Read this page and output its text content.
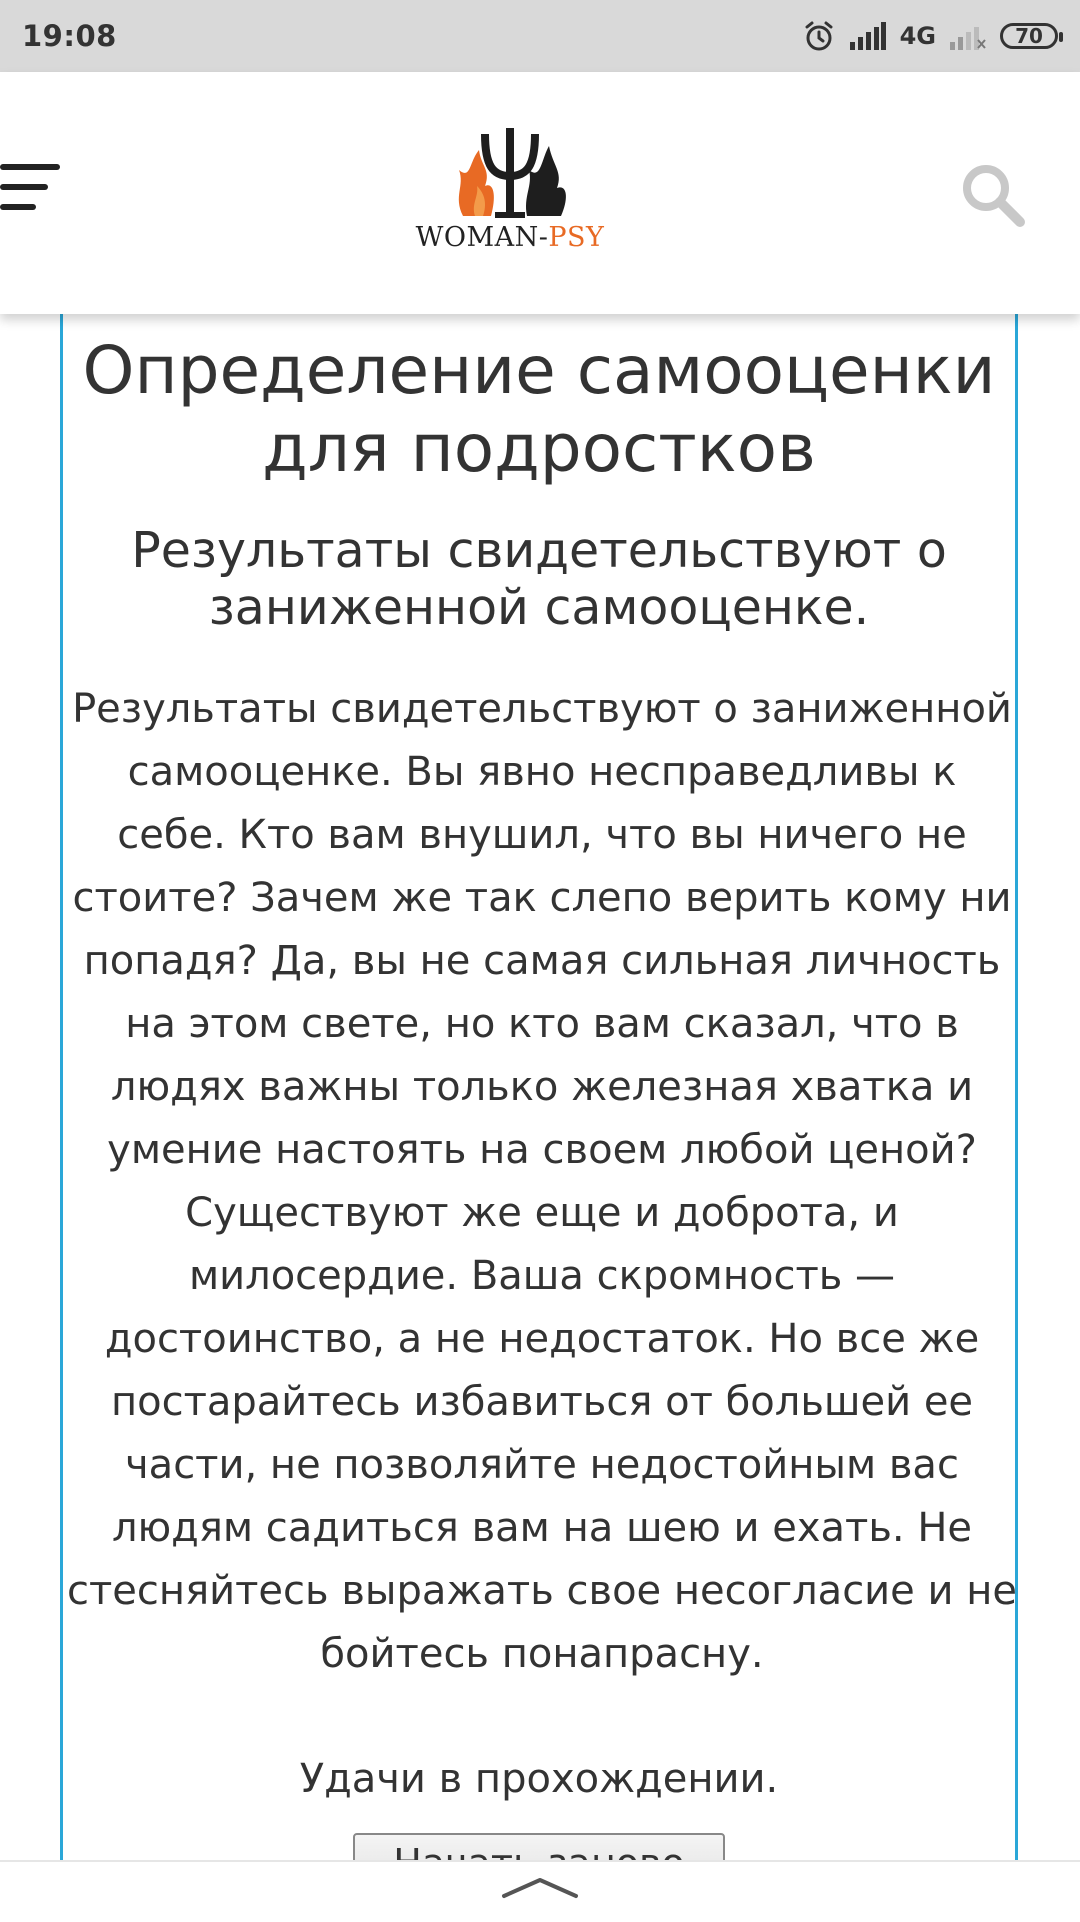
19:08	4G	70
WOMAN-PSY
Определение самооценки для подростков
Результаты свидетельствуют о заниженной самооценке.

Результаты свидетельствуют о заниженной самооценке. Вы явно несправедливы к себе. Кто вам внушил, что вы ничего не стоите? Зачем же так слепо верить кому ни попадя? Да, вы не самая сильная личность на этом свете, но кто вам сказал, что в людях важны только железная хватка и умение настоять на своем любой ценой? Существуют же еще и доброта, и милосердие. Ваша скромность — достоинство, а не недостаток. Но все же постарайтесь избавиться от большей ее части, не позволяйте недостойным вас людям садиться вам на шею и ехать. Не стесняйтесь выражать свое несогласие и не бойтесь понапрасну.

Удачи в прохождении.
